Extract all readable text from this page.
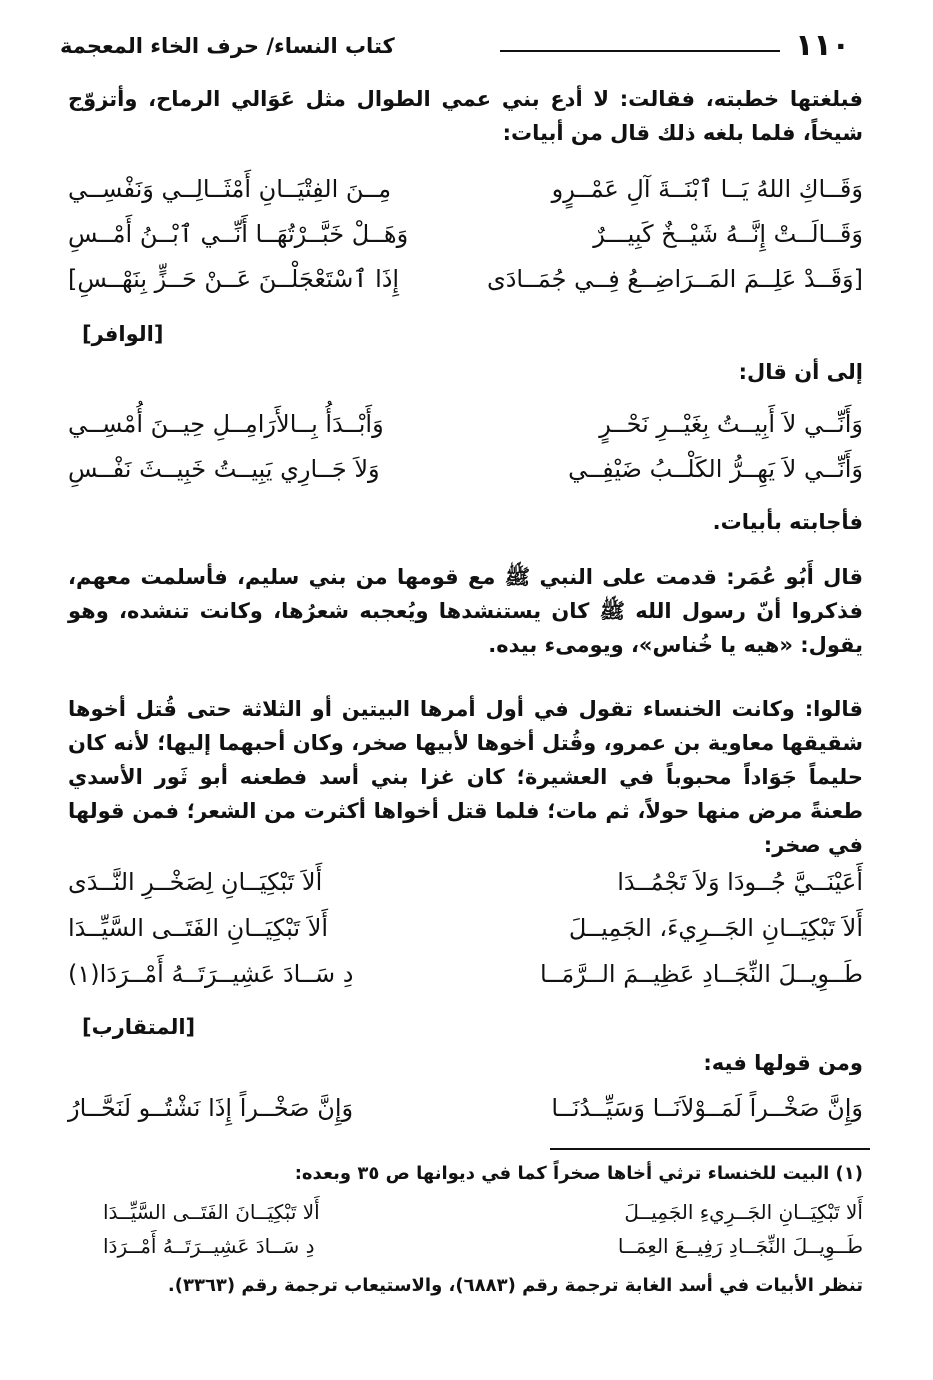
١١٠
كتاب النساء/ حرف الخاء المعجمة

فبلغتها خطبته، فقالت: لا أدع بني عمي الطوال مثل عَوَالي الرماح، وأتزوّج شيخاً، فلما بلغه ذلك قال من أبيات:

وَقَــاكِ اللهُ يَــا ٱبْنَــةَ آلِ عَمْــرٍو
مِــنَ الفِتْيَــانِ أَمْثَــالِــي وَنَفْسِــي
وَقَــالَــتْ إِنَّــهُ شَيْــخٌ كَبِيـــرٌ
وَهَــلْ خَبَّــرْتُهَــا أَنِّــي ٱبْــنُ أَمْــسِ
[وَقَــدْ عَلِــمَ المَــرَاضِــعُ فِــي جُمَــادَى
إِذَا ٱسْتَعْجَلْــنَ عَــنْ حَــزٍّ بِنَهْــسِ]
[الوافر]

إلى أن قال:

وَأَنِّــي لاَ أَبِيــتُ بِغَيْــرِ نَحْــرٍ
وَأَبْــدَأُ بِــالأَرَامِــلِ حِيــنَ أُمْسِــي
وَأَنِّــي لاَ يَهِــرُّ الكَلْــبُ ضَيْفِــي
وَلاَ جَــارِي يَبِيــتُ خَبِيــثَ نَفْــسِ

فأجابته بأبيات.

قال أَبُو عُمَر: قدمت على النبي ﷺ مع قومها من بني سليم، فأسلمت معهم، فذكروا أنّ رسول الله ﷺ كان يستنشدها ويُعجبه شعرُها، وكانت تنشده، وهو يقول: «هيه يا خُناس»، ويومىء بيده.

قالوا: وكانت الخنساء تقول في أول أمرها البيتين أو الثلاثة حتى قُتل أخوها شقيقها معاوية بن عمرو، وقُتل أخوها لأبيها صخر، وكان أحبهما إليها؛ لأنه كان حليماً جَوَاداً محبوباً في العشيرة؛ كان غزا بني أسد فطعنه أبو ثَور الأسدي طعنةً مرض منها حولاً، ثم مات؛ فلما قتل أخواها أكثرت من الشعر؛ فمن قولها في صخر:

أَعَيْنَــيَّ جُــودَا وَلاَ تَجْمُــدَا
أَلاَ تَبْكِيَــانِ لِصَخْــرِ النَّــدَى
أَلاَ تَبْكِيَــانِ الجَــرِيءَ، الجَمِيــلَ
أَلاَ تَبْكِيَــانِ الفَتَــى السَّيِّــدَا
طَــوِيــلَ النِّجَــادِ عَظِيــمَ الــرَّمَــا
دِ سَــادَ عَشِيــرَتَــهُ أَمْــرَدَا(١)
[المتقارب]

ومن قولها فيه:

وَإِنَّ صَخْــراً لَمَــوْلاَنَــا وَسَيِّــدُنَــا
وَإِنَّ صَخْــراً إِذَا نَشْتُــو لَنَحَّــارُ

(١) البيت للخنساء ترثي أخاها صخراً كما في ديوانها ص ٣٥ وبعده:

أَلا تَبْكِيَــانِ الجَــرِيءِ الجَمِيــلَ
أَلا تَبْكِيَــانَ الفَتَــى السَّيِّــدَا
طَــوِيــلَ النِّجَــادِ رَفِيــعَ العِمَــا
دِ سَــادَ عَشِيــرَتَــهُ أَمْــرَدَا

تنظر الأبيات في أسد الغابة ترجمة رقم (٦٨٨٣)، والاستيعاب ترجمة رقم (٣٣٦٣).
